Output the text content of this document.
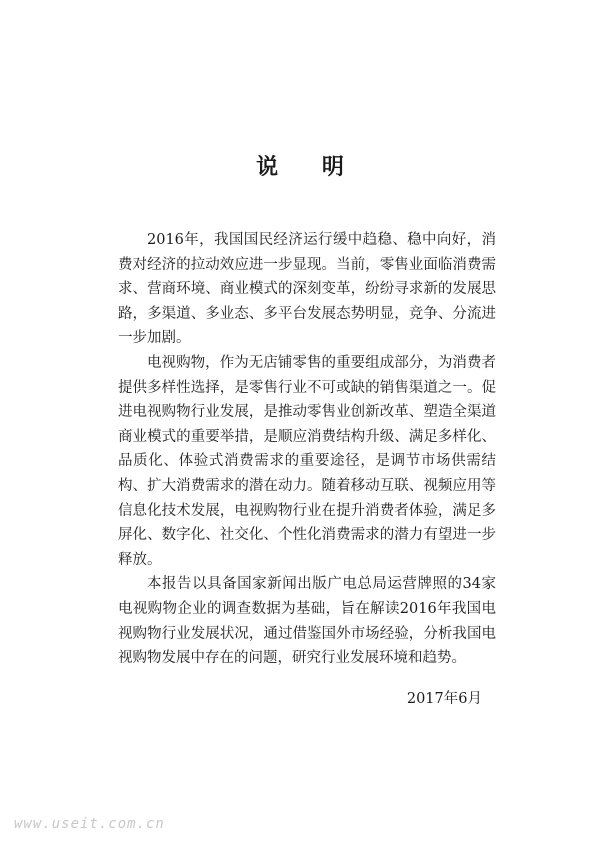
说 明

2016年，我国国民经济运行缓中趋稳、稳中向好，消费对经济的拉动效应进一步显现。当前，零售业面临消费需求、营商环境、商业模式的深刻变革，纷纷寻求新的发展思路，多渠道、多业态、多平台发展态势明显，竞争、分流进一步加剧。

电视购物，作为无店铺零售的重要组成部分，为消费者提供多样性选择，是零售行业不可或缺的销售渠道之一。促进电视购物行业发展，是推动零售业创新改革、塑造全渠道商业模式的重要举措，是顺应消费结构升级、满足多样化、品质化、体验式消费需求的重要途径，是调节市场供需结构、扩大消费需求的潜在动力。随着移动互联、视频应用等信息化技术发展，电视购物行业在提升消费者体验，满足多屏化、数字化、社交化、个性化消费需求的潜力有望进一步释放。

本报告以具备国家新闻出版广电总局运营牌照的34家电视购物企业的调查数据为基础，旨在解读2016年我国电视购物行业发展状况，通过借鉴国外市场经验，分析我国电视购物发展中存在的问题，研究行业发展环境和趋势。

2017年6月

www.useit.com.cn
